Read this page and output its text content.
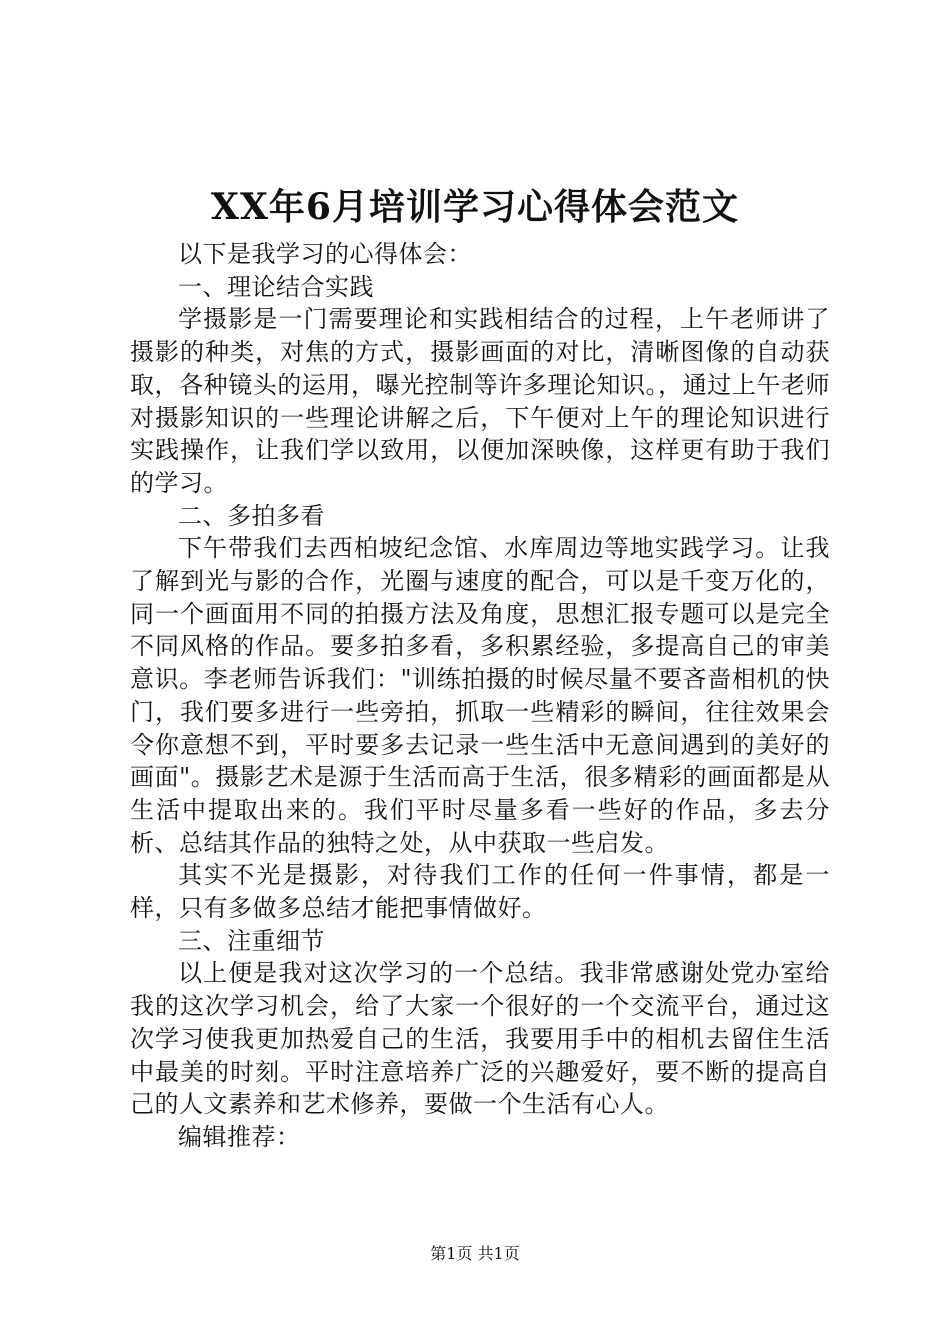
XX年6月培训学习心得体会范文

以下是我学习的心得体会：

一、理论结合实践

学摄影是一门需要理论和实践相结合的过程，上午老师讲了摄影的种类，对焦的方式，摄影画面的对比，清晰图像的自动获取，各种镜头的运用，曝光控制等许多理论知识。，通过上午老师对摄影知识的一些理论讲解之后，下午便对上午的理论知识进行实践操作，让我们学以致用，以便加深映像，这样更有助于我们的学习。

二、多拍多看

下午带我们去西柏坡纪念馆、水库周边等地实践学习。让我了解到光与影的合作，光圈与速度的配合，可以是千变万化的，同一个画面用不同的拍摄方法及角度，思想汇报专题可以是完全不同风格的作品。要多拍多看，多积累经验，多提高自己的审美意识。李老师告诉我们："训练拍摄的时候尽量不要吝啬相机的快门，我们要多进行一些旁拍，抓取一些精彩的瞬间，往往效果会令你意想不到，平时要多去记录一些生活中无意间遇到的美好的画面"。摄影艺术是源于生活而高于生活，很多精彩的画面都是从生活中提取出来的。我们平时尽量多看一些好的作品，多去分析、总结其作品的独特之处，从中获取一些启发。

其实不光是摄影，对待我们工作的任何一件事情，都是一样，只有多做多总结才能把事情做好。

三、注重细节

以上便是我对这次学习的一个总结。我非常感谢处党办室给我的这次学习机会，给了大家一个很好的一个交流平台，通过这次学习使我更加热爱自己的生活，我要用手中的相机去留住生活中最美的时刻。平时注意培养广泛的兴趣爱好，要不断的提高自己的人文素养和艺术修养，要做一个生活有心人。

编辑推荐：

第1页 共1页
